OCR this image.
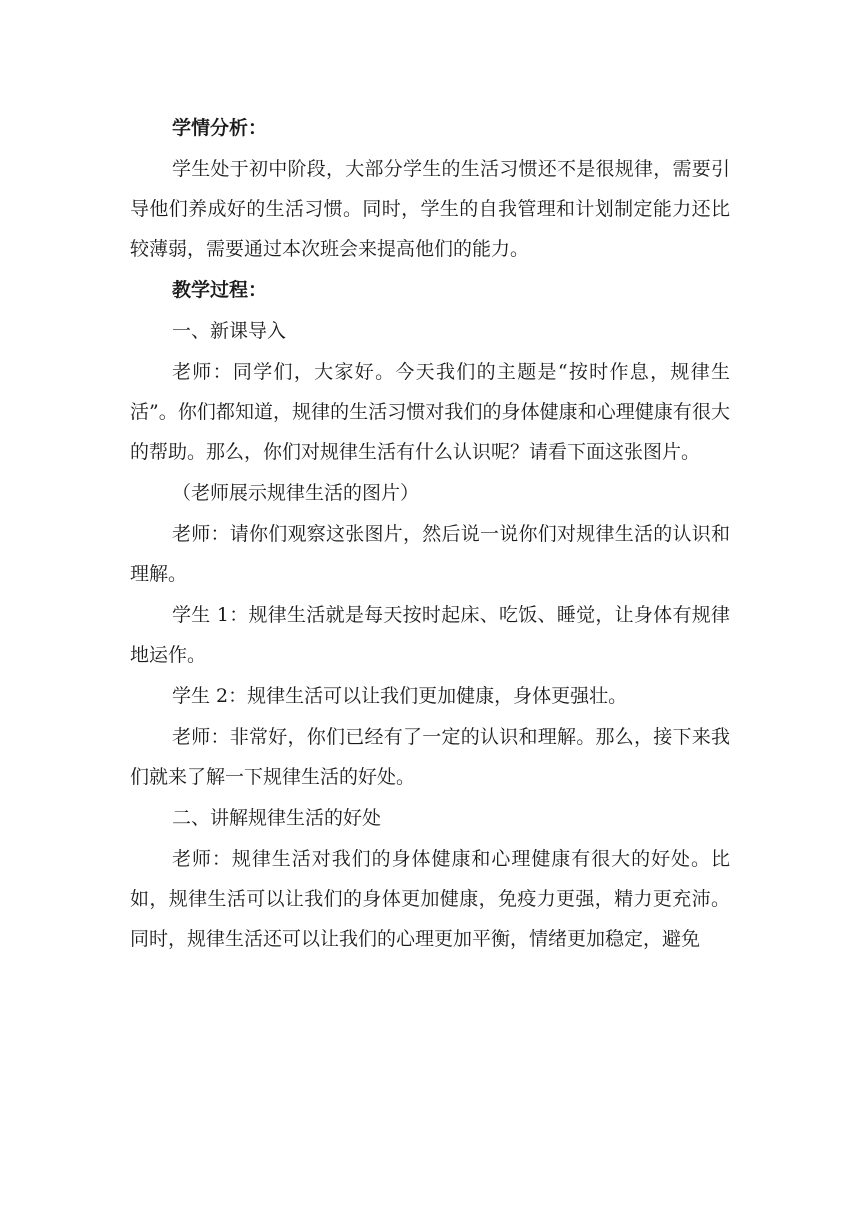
学情分析：

学生处于初中阶段，大部分学生的生活习惯还不是很规律，需要引导他们养成好的生活习惯。同时，学生的自我管理和计划制定能力还比较薄弱，需要通过本次班会来提高他们的能力。

教学过程：

一、新课导入

老师：同学们，大家好。今天我们的主题是“按时作息，规律生活”。你们都知道，规律的生活习惯对我们的身体健康和心理健康有很大的帮助。那么，你们对规律生活有什么认识呢？请看下面这张图片。

（老师展示规律生活的图片）

老师：请你们观察这张图片，然后说一说你们对规律生活的认识和理解。

学生 1：规律生活就是每天按时起床、吃饭、睡觉，让身体有规律地运作。

学生 2：规律生活可以让我们更加健康，身体更强壮。

老师：非常好，你们已经有了一定的认识和理解。那么，接下来我们就来了解一下规律生活的好处。

二、讲解规律生活的好处

老师：规律生活对我们的身体健康和心理健康有很大的好处。比如，规律生活可以让我们的身体更加健康，免疫力更强，精力更充沛。同时，规律生活还可以让我们的心理更加平衡，情绪更加稳定，避免
